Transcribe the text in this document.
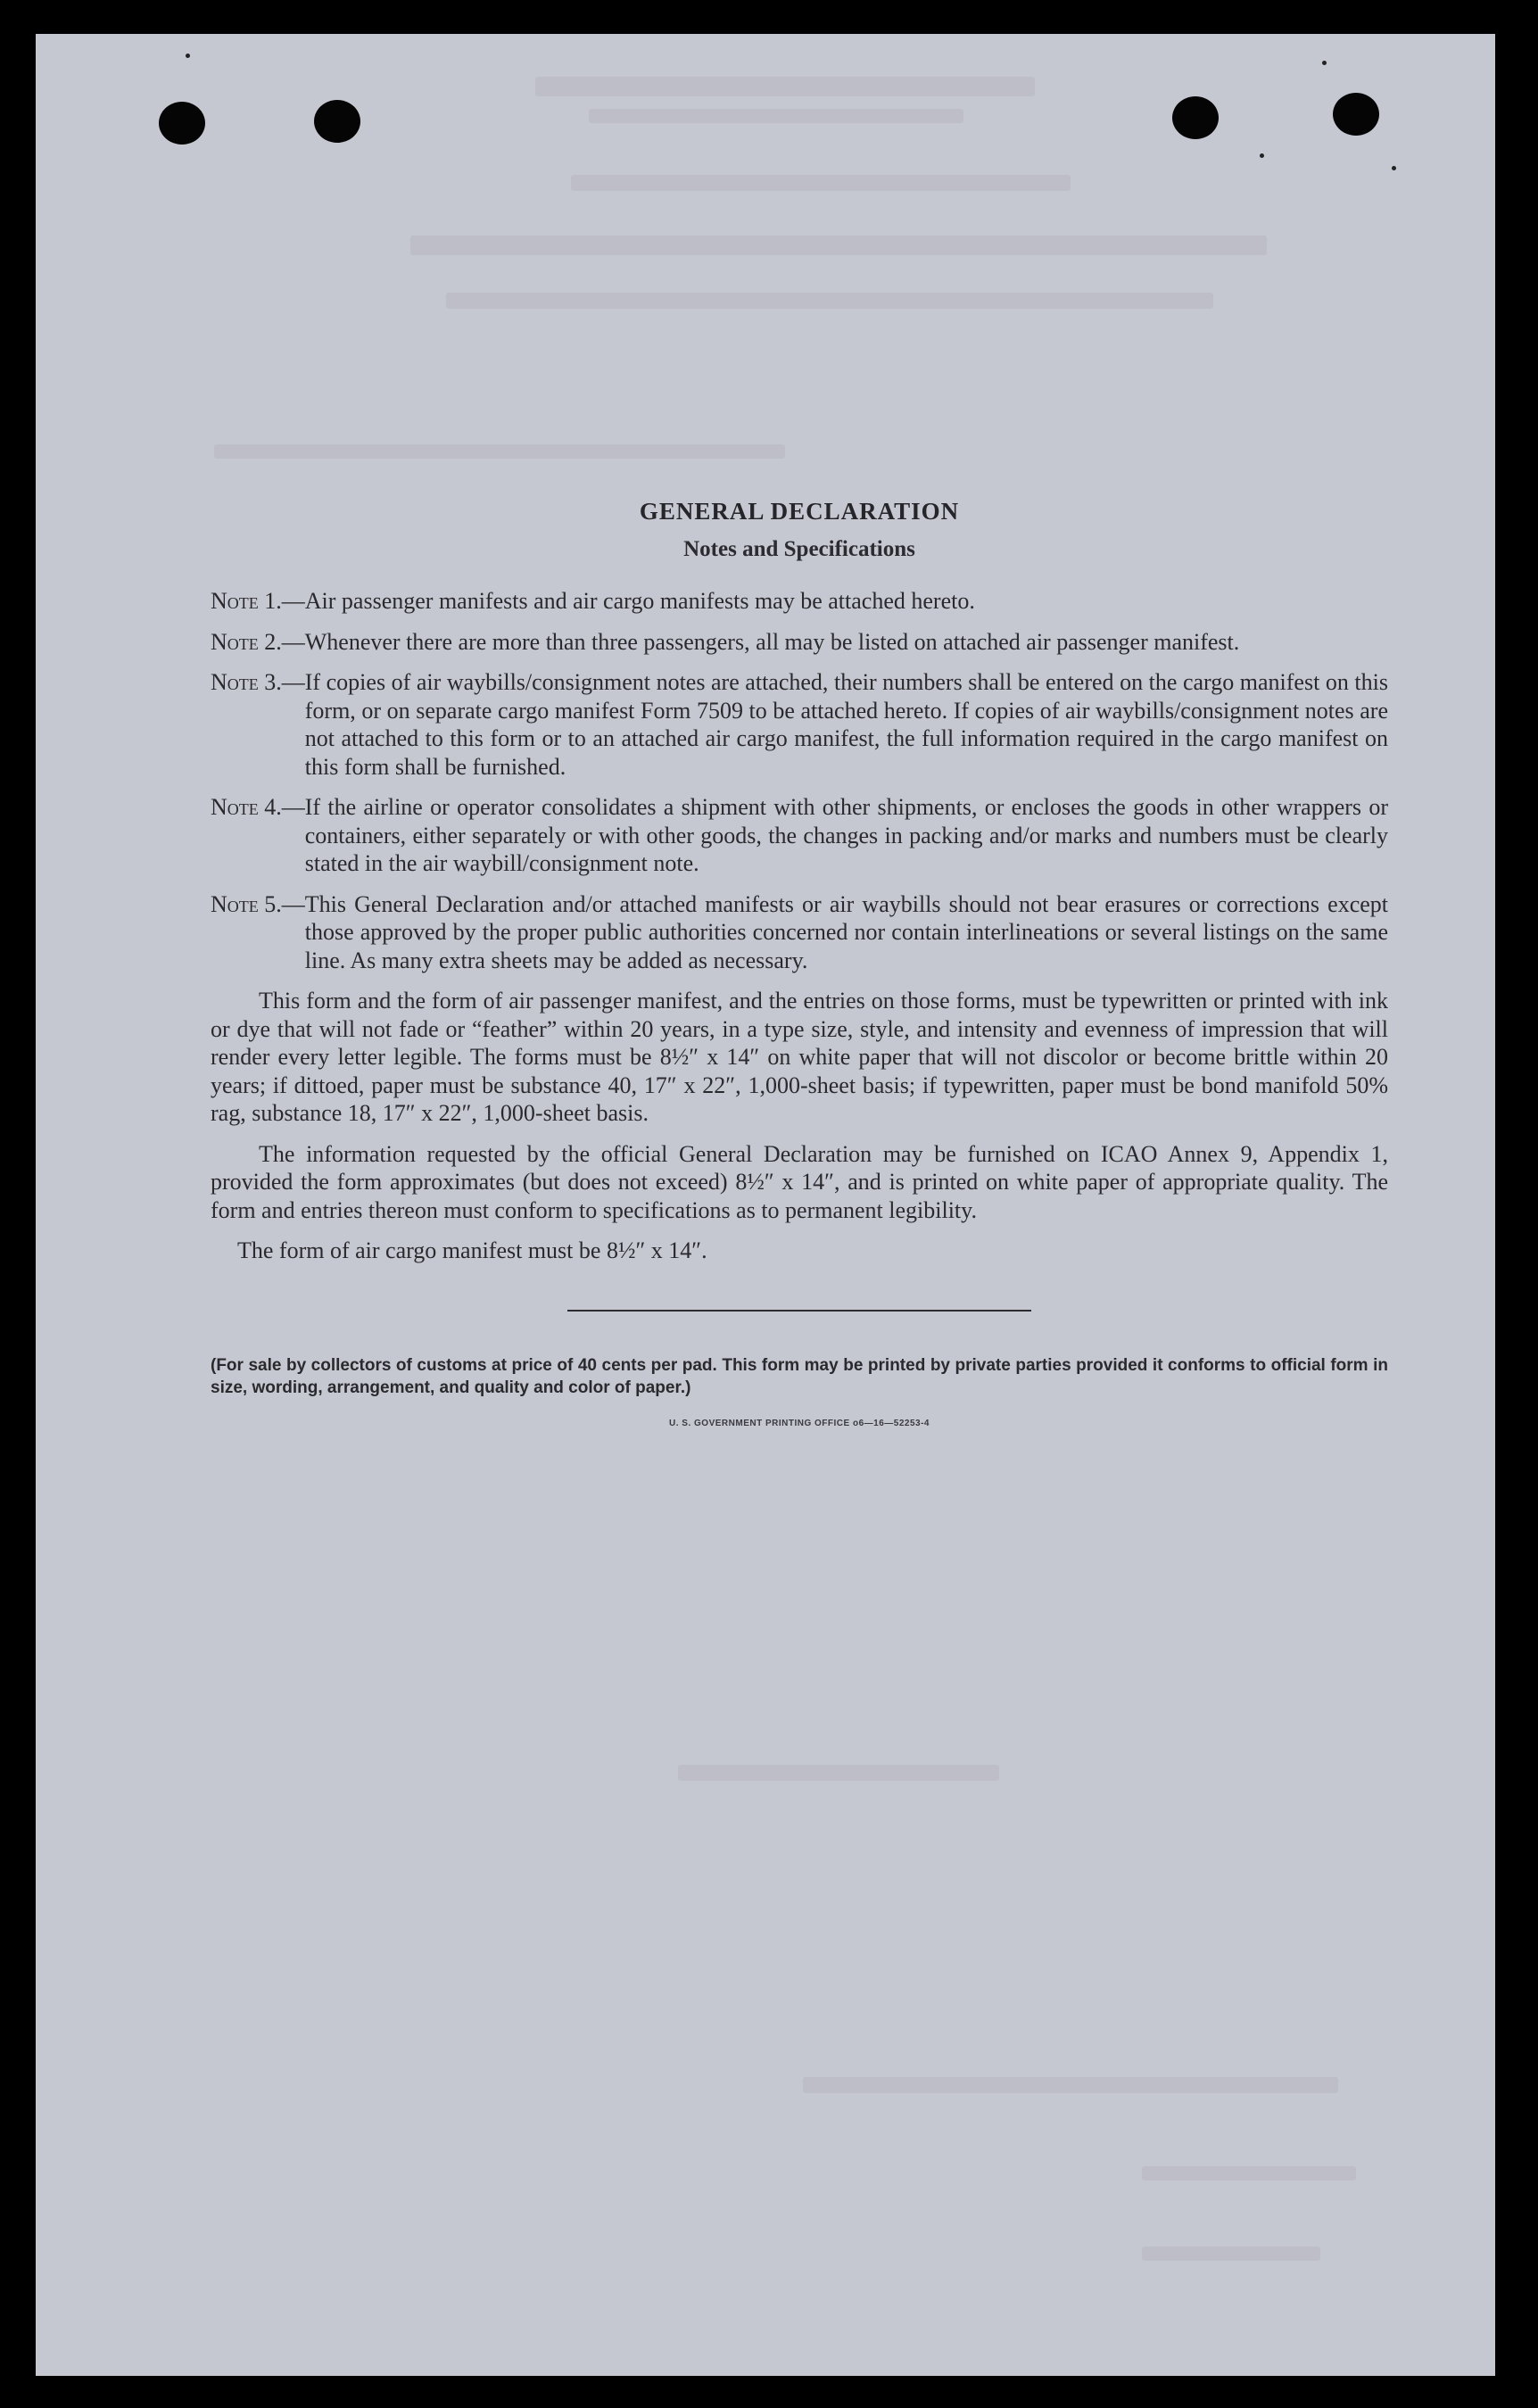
GENERAL DECLARATION
Notes and Specifications
Note 1. — Air passenger manifests and air cargo manifests may be attached hereto.
Note 2. — Whenever there are more than three passengers, all may be listed on attached air passenger manifest.
Note 3. — If copies of air waybills/consignment notes are attached, their numbers shall be entered on the cargo manifest on this form, or on separate cargo manifest Form 7509 to be attached hereto. If copies of air waybills/consignment notes are not attached to this form or to an attached air cargo manifest, the full information required in the cargo manifest on this form shall be furnished.
Note 4. — If the airline or operator consolidates a shipment with other shipments, or encloses the goods in other wrappers or containers, either separately or with other goods, the changes in packing and/or marks and numbers must be clearly stated in the air waybill/consignment note.
Note 5. — This General Declaration and/or attached manifests or air waybills should not bear erasures or corrections except those approved by the proper public authorities concerned nor contain interlineations or several listings on the same line. As many extra sheets may be added as necessary.

This form and the form of air passenger manifest, and the entries on those forms, must be typewritten or printed with ink or dye that will not fade or “feather” within 20 years, in a type size, style, and intensity and evenness of impression that will render every letter legible. The forms must be 8½″ x 14″ on white paper that will not discolor or become brittle within 20 years; if dittoed, paper must be substance 40, 17″ x 22″, 1,000-sheet basis; if typewritten, paper must be bond manifold 50% rag, substance 18, 17″ x 22″, 1,000-sheet basis.

The information requested by the official General Declaration may be furnished on ICAO Annex 9, Appendix 1, provided the form approximates (but does not exceed) 8½″ x 14″, and is printed on white paper of appropriate quality. The form and entries thereon must conform to specifications as to permanent legibility.

The form of air cargo manifest must be 8½″ x 14″.

(For sale by collectors of customs at price of 40 cents per pad. This form may be printed by private parties provided it conforms to official form in size, wording, arrangement, and quality and color of paper.)
U. S. GOVERNMENT PRINTING OFFICE o6—16—52253-4
